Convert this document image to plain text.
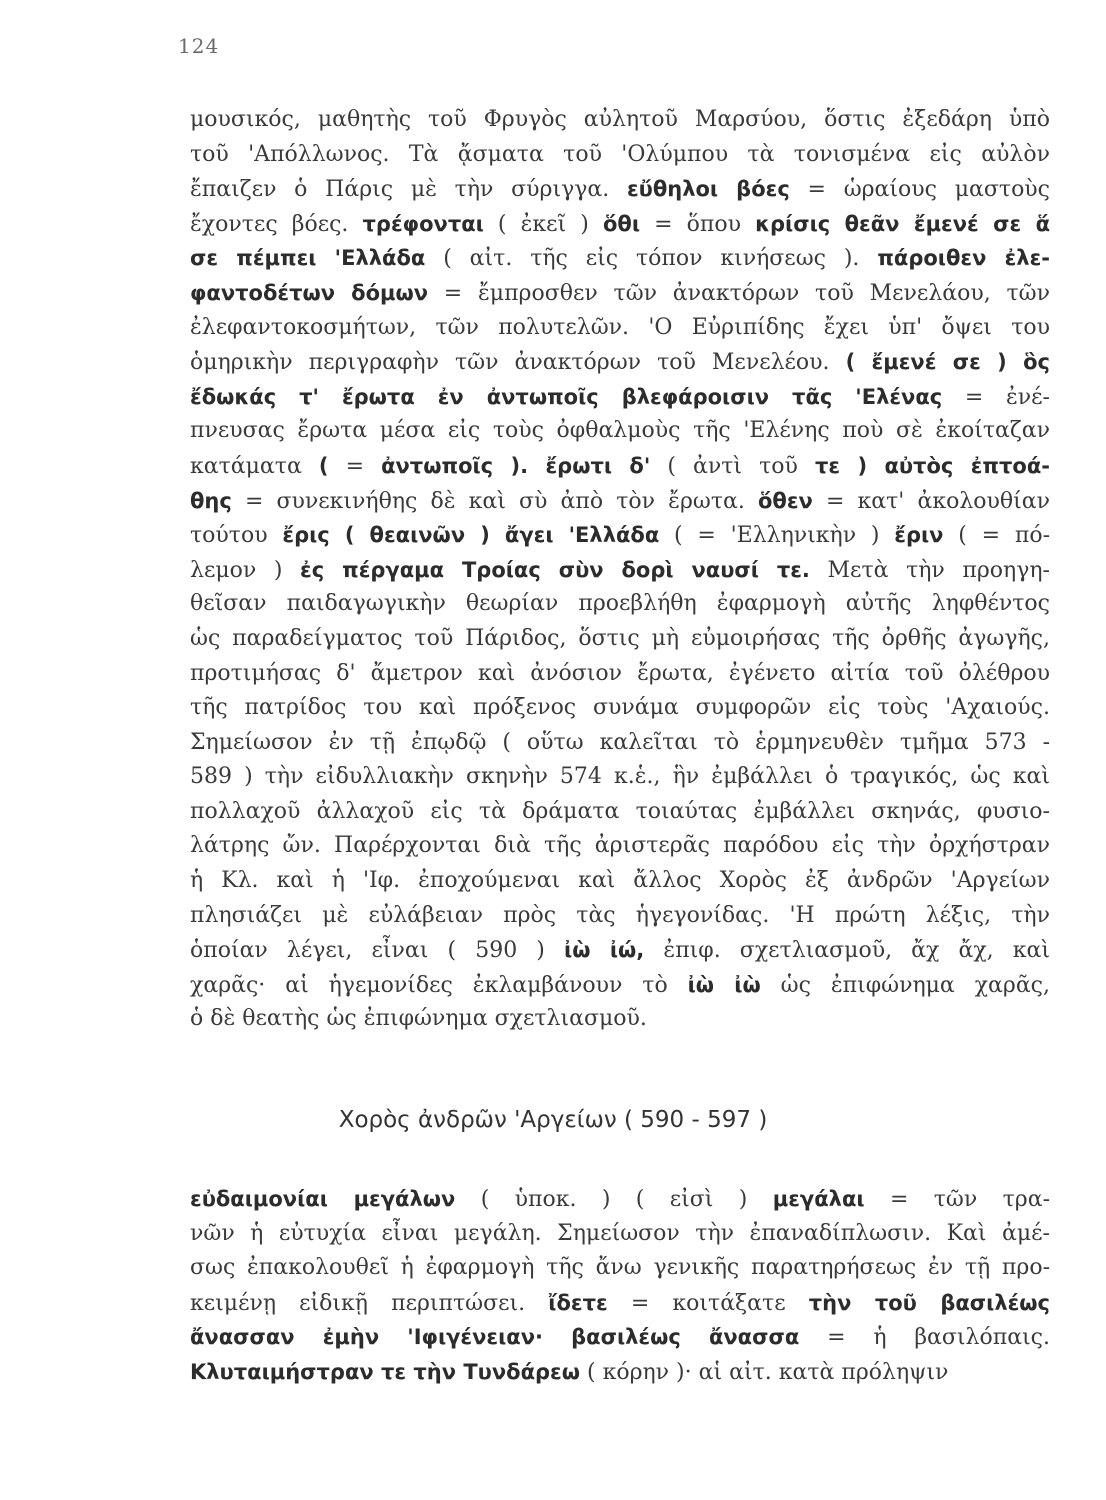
124
μουσικός, μαθητὴς τοῦ Φρυγὸς αὐλητοῦ Μαρσύου, ὅστις ἐξεδάρη ὑπὸ
τοῦ 'Απόλλωνος. Τὰ ᾄσματα τοῦ 'Ολύμπου τὰ τονισμένα εἰς αὐλὸν
ἔπαιζεν ὁ Πάρις μὲ τὴν σύριγγα. εὔθηλοι βόες = ὡραίους μαστοὺς
ἔχοντες βόες. τρέφονται ( ἐκεῖ ) ὅθι = ὅπου κρίσις θεᾶν ἔμενέ σε ἅ
σε πέμπει 'Ελλάδα ( αἰτ. τῆς εἰς τόπον κινήσεως ). πάροιθεν ἐλε-
φαντοδέτων δόμων = ἔμπροσθεν τῶν ἀνακτόρων τοῦ Μενελάου, τῶν
ἐλεφαντοκοσμήτων, τῶν πολυτελῶν. 'Ο Εὐριπίδης ἔχει ὑπ' ὄψει του
ὁμηρικὴν περιγραφὴν τῶν ἀνακτόρων τοῦ Μενελέου. ( ἔμενέ σε ) ὃς
ἔδωκάς τ' ἔρωτα ἐν ἀντωποῖς βλεφάροισιν τᾶς 'Ελένας = ἐνέ-
πνευσας ἔρωτα μέσα εἰς τοὺς ὀφθαλμοὺς τῆς 'Ελένης ποὺ σὲ ἐκοίταζαν
κατάματα ( = ἀντωποῖς ). ἔρωτι δ' ( ἀντὶ τοῦ τε ) αὐτὸς ἐπτοά-
θης = συνεκινήθης δὲ καὶ σὺ ἀπὸ τὸν ἔρωτα. ὅθεν = κατ' ἀκολουθίαν
τούτου ἔρις ( θεαινῶν ) ἄγει 'Ελλάδα ( = 'Ελληνικὴν ) ἔριν ( = πό-
λεμον ) ἐς πέργαμα Τροίας σὺν δορὶ ναυσί τε. Μετὰ τὴν προηγη-
θεῖσαν παιδαγωγικὴν θεωρίαν προεβλήθη ἐφαρμογὴ αὐτῆς ληφθέντος
ὡς παραδείγματος τοῦ Πάριδος, ὅστις μὴ εὐμοιρήσας τῆς ὀρθῆς ἀγωγῆς,
προτιμήσας δ' ἄμετρον καὶ ἀνόσιον ἔρωτα, ἐγένετο αἰτία τοῦ ὀλέθρου
τῆς πατρίδος του καὶ πρόξενος συνάμα συμφορῶν εἰς τοὺς 'Αχαιούς.
Σημείωσον ἐν τῇ ἐπῳδῷ ( οὕτω καλεῖται τὸ ἑρμηνευθὲν τμῆμα 573 -
589 ) τὴν εἰδυλλιακὴν σκηνὴν 574 κ.ἑ., ἣν ἐμβάλλει ὁ τραγικός, ὡς καὶ
πολλαχοῦ ἀλλαχοῦ εἰς τὰ δράματα τοιαύτας ἐμβάλλει σκηνάς, φυσιο-
λάτρης ὤν. Παρέρχονται διὰ τῆς ἀριστερᾶς παρόδου εἰς τὴν ὀρχήστραν
ἡ Κλ. καὶ ἡ 'Ιφ. ἐποχούμεναι καὶ ἄλλος Χορὸς ἐξ ἀνδρῶν 'Αργείων
πλησιάζει μὲ εὐλάβειαν πρὸς τὰς ἡγεγονίδας. 'Η πρώτη λέξις, τὴν
ὁποίαν λέγει, εἶναι ( 590 ) ἰὼ ἰώ, ἐπιφ. σχετλιασμοῦ, ἄχ ἄχ, καὶ
χαρᾶς· αἱ ἡγεμονίδες ἐκλαμβάνουν τὸ ἰὼ ἰὼ ὡς ἐπιφώνημα χαρᾶς,
ὁ δὲ θεατὴς ὡς ἐπιφώνημα σχετλιασμοῦ.
Χορὸς ἀνδρῶν 'Αργείων ( 590 - 597 )
εὐδαιμονίαι μεγάλων ( ὑποκ. ) ( εἰσὶ ) μεγάλαι = τῶν τρα-
νῶν ἡ εὐτυχία εἶναι μεγάλη. Σημείωσον τὴν ἐπαναδίπλωσιν. Καὶ ἀμέ-
σως ἐπακολουθεῖ ἡ ἐφαρμογὴ τῆς ἄνω γενικῆς παρατηρήσεως ἐν τῇ προ-
κειμένῃ εἰδικῇ περιπτώσει. ἴδετε = κοιτάξατε τὴν τοῦ βασιλέως
ἄνασσαν ἐμὴν 'Ιφιγένειαν· βασιλέως ἄνασσα = ἡ βασιλόπαις.
Κλυταιμήστραν τε τὴν Τυνδάρεω ( κόρην )· αἱ αἰτ. κατὰ πρόληψιν
